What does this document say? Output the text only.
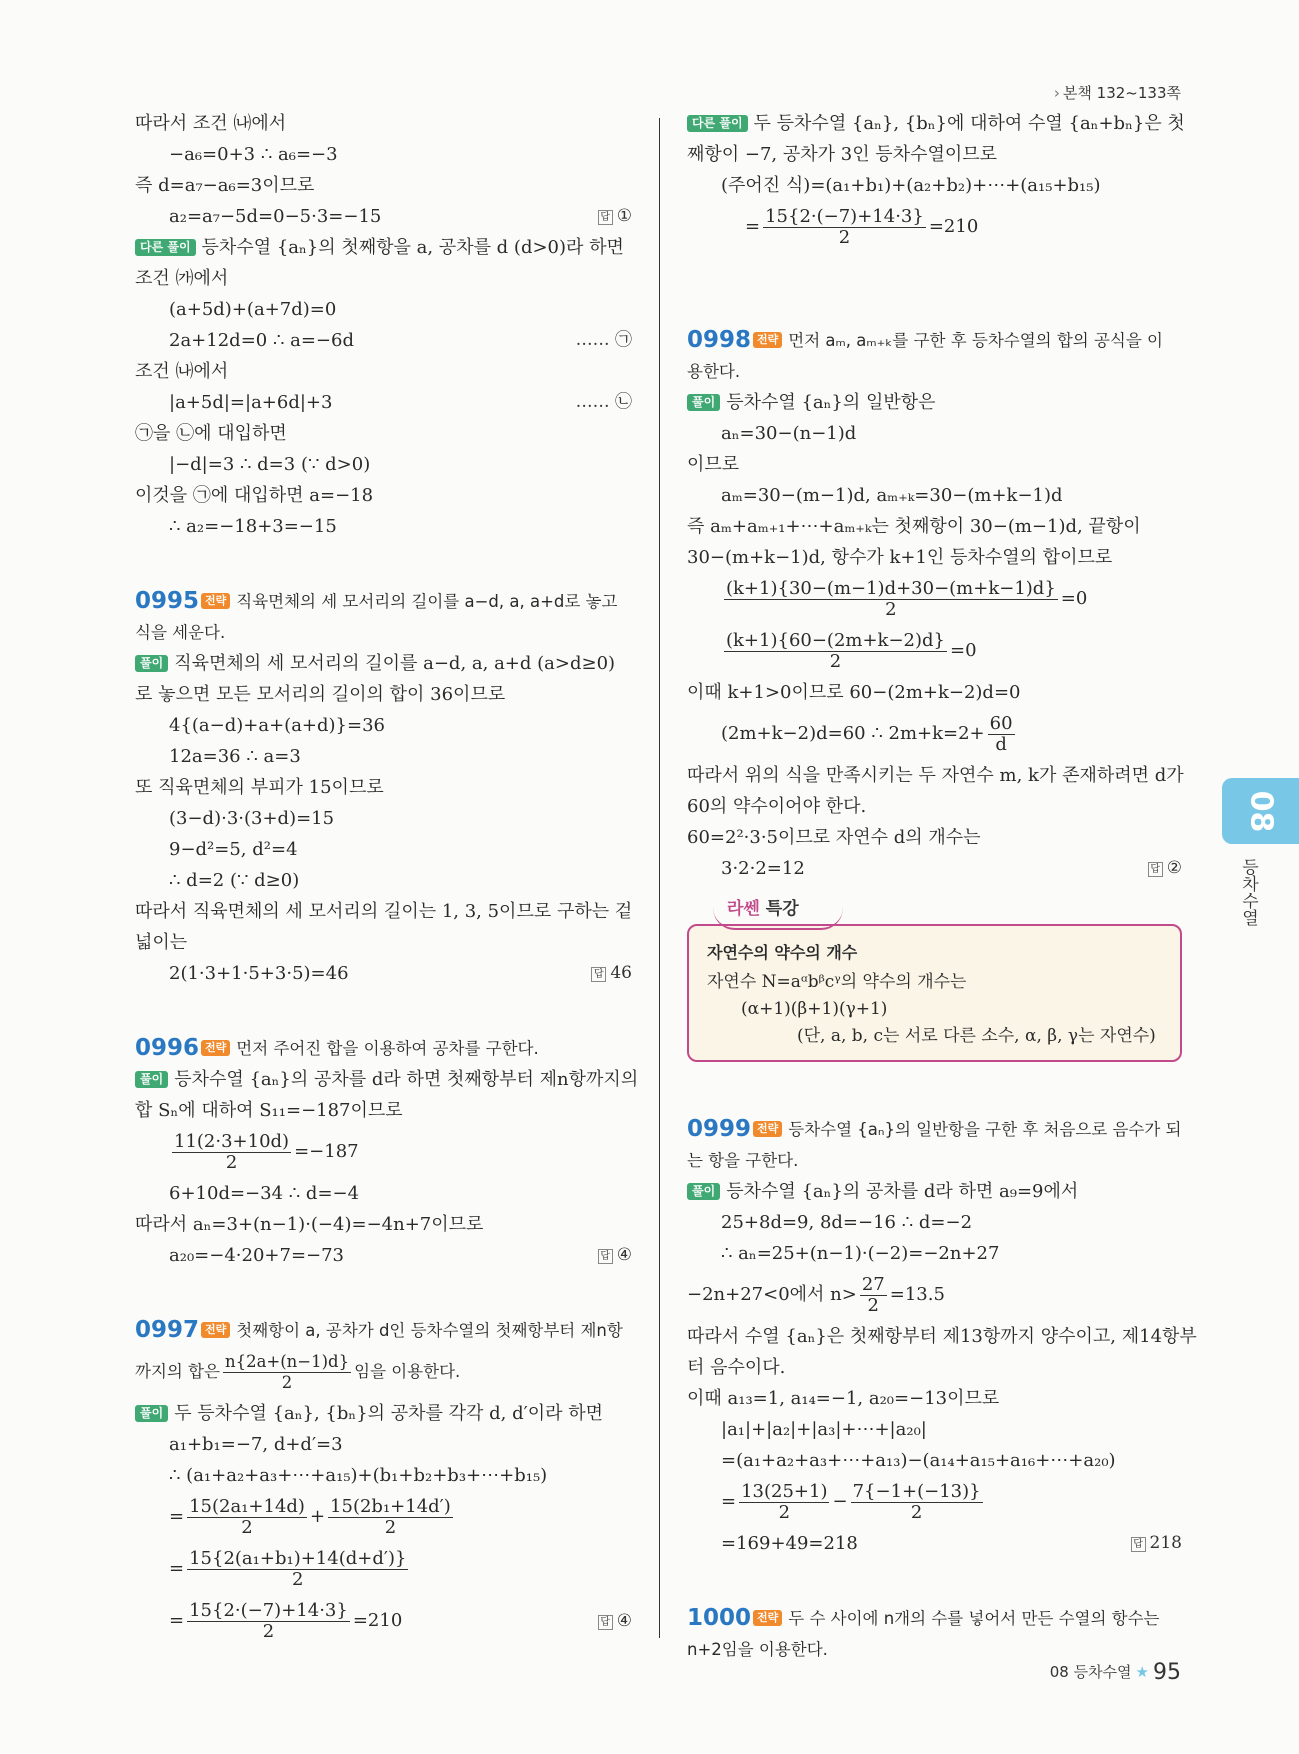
› 본책 132~133쪽
08
등차수열
따라서 조건 ㈏에서
−a₆=0+3 ∴ a₆=−3
즉 d=a₇−a₆=3이므로
a₂=a₇−5d=0−5·3=−15	답 ①
다른 풀이 등차수열 {aₙ}의 첫째항을 a, 공차를 d (d>0)라 하면
조건 ㈎에서
(a+5d)+(a+7d)=0
2a+12d=0 ∴ a=−6d	…… ㉠
조건 ㈏에서
|a+5d|=|a+6d|+3	…… ㉡
㉠을 ㉡에 대입하면
|−d|=3 ∴ d=3 (∵ d>0)
이것을 ㉠에 대입하면 a=−18
∴ a₂=−18+3=−15
0995 전략 직육면체의 세 모서리의 길이를 a−d, a, a+d로 놓고
식을 세운다.
풀이 직육면체의 세 모서리의 길이를 a−d, a, a+d (a>d≥0)
로 놓으면 모든 모서리의 길이의 합이 36이므로
4{(a−d)+a+(a+d)}=36
12a=36 ∴ a=3
또 직육면체의 부피가 15이므로
(3−d)·3·(3+d)=15
9−d²=5, d²=4
∴ d=2 (∵ d≥0)
따라서 직육면체의 세 모서리의 길이는 1, 3, 5이므로 구하는 겉
넓이는
2(1·3+1·5+3·5)=46	답 46
0996 전략 먼저 주어진 합을 이용하여 공차를 구한다.
풀이 등차수열 {aₙ}의 공차를 d라 하면 첫째항부터 제n항까지의
합 Sₙ에 대하여 S₁₁=−187이므로
$\frac{11(2\cdot 3+10d)}{2} =-187$
6+10d=−34 ∴ d=−4
따라서 aₙ=3+(n−1)·(−4)=−4n+7이므로
a₂₀=−4·20+7=−73	답 ④
0997 전략 첫째항이 a, 공차가 d인 등차수열의 첫째항부터 제n항
까지의 합은 $\frac{n\{2a+(n-1)d\}}{2}$ 임을 이용한다.
풀이 두 등차수열 {aₙ}, {bₙ}의 공차를 각각 d, d′이라 하면
a₁+b₁=−7, d+d′=3
∴ (a₁+a₂+a₃+⋯+a₁₅)+(b₁+b₂+b₃+⋯+b₁₅)
= $\frac{\text{15(2a₁+14d)}}{2} + \frac{\text{15(2b₁+14d′)}}{2}$
= $\frac{\text{15\{2(a₁+b₁)+14(d+d′)\}}}{2}$
= $\frac{15\{2\cdot(-7)+14\cdot 3\}}{2} =210$	답 ④
다른 풀이 두 등차수열 {aₙ}, {bₙ}에 대하여 수열 {aₙ+bₙ}은 첫
째항이 −7, 공차가 3인 등차수열이므로
(주어진 식)=(a₁+b₁)+(a₂+b₂)+⋯+(a₁₅+b₁₅)
= $\frac{15\{2\cdot(-7)+14\cdot 3\}}{2} =210$
0998 전략 먼저 aₘ, aₘ₊ₖ를 구한 후 등차수열의 합의 공식을 이
용한다.
풀이 등차수열 {aₙ}의 일반항은
aₙ=30−(n−1)d
이므로
aₘ=30−(m−1)d, aₘ₊ₖ=30−(m+k−1)d
즉 aₘ+aₘ₊₁+⋯+aₘ₊ₖ는 첫째항이 30−(m−1)d, 끝항이
30−(m+k−1)d, 항수가 k+1인 등차수열의 합이므로
$\frac{(k+1)\{30-(m-1)d+30-(m+k-1)d\}}{2} =0$
$\frac{(k+1)\{60-(2m+k-2)d\}}{2} =0$
이때 k+1>0이므로 60−(2m+k−2)d=0
(2m+k−2)d=60 ∴ $2m+k=2+ \frac{60}{d}$
따라서 위의 식을 만족시키는 두 자연수 m, k가 존재하려면 d가
60의 약수이어야 한다.
60=2²·3·5이므로 자연수 d의 개수는
3·2·2=12	답 ②
라쎈 특강
자연수의 약수의 개수
자연수 N=aᵅbᵝcᵞ의 약수의 개수는
(α+1)(β+1)(γ+1)
(단, a, b, c는 서로 다른 소수, α, β, γ는 자연수)
0999 전략 등차수열 {aₙ}의 일반항을 구한 후 처음으로 음수가 되
는 항을 구한다.
풀이 등차수열 {aₙ}의 공차를 d라 하면 a₉=9에서
25+8d=9, 8d=−16 ∴ d=−2
∴ aₙ=25+(n−1)·(−2)=−2n+27
−2n+27<0에서 $n> \frac{27}{2} =13.5$
따라서 수열 {aₙ}은 첫째항부터 제13항까지 양수이고, 제14항부
터 음수이다.
이때 a₁₃=1, a₁₄=−1, a₂₀=−13이므로
|a₁|+|a₂|+|a₃|+⋯+|a₂₀|
=(a₁+a₂+a₃+⋯+a₁₃)−(a₁₄+a₁₅+a₁₆+⋯+a₂₀)
= $\frac{13(25+1)}{2} - \frac{7\{-1+(-13)\}}{2}$
=169+49=218	답 218
1000 전략 두 수 사이에 n개의 수를 넣어서 만든 수열의 항수는
n+2임을 이용한다.
08 등차수열 ★ 95
